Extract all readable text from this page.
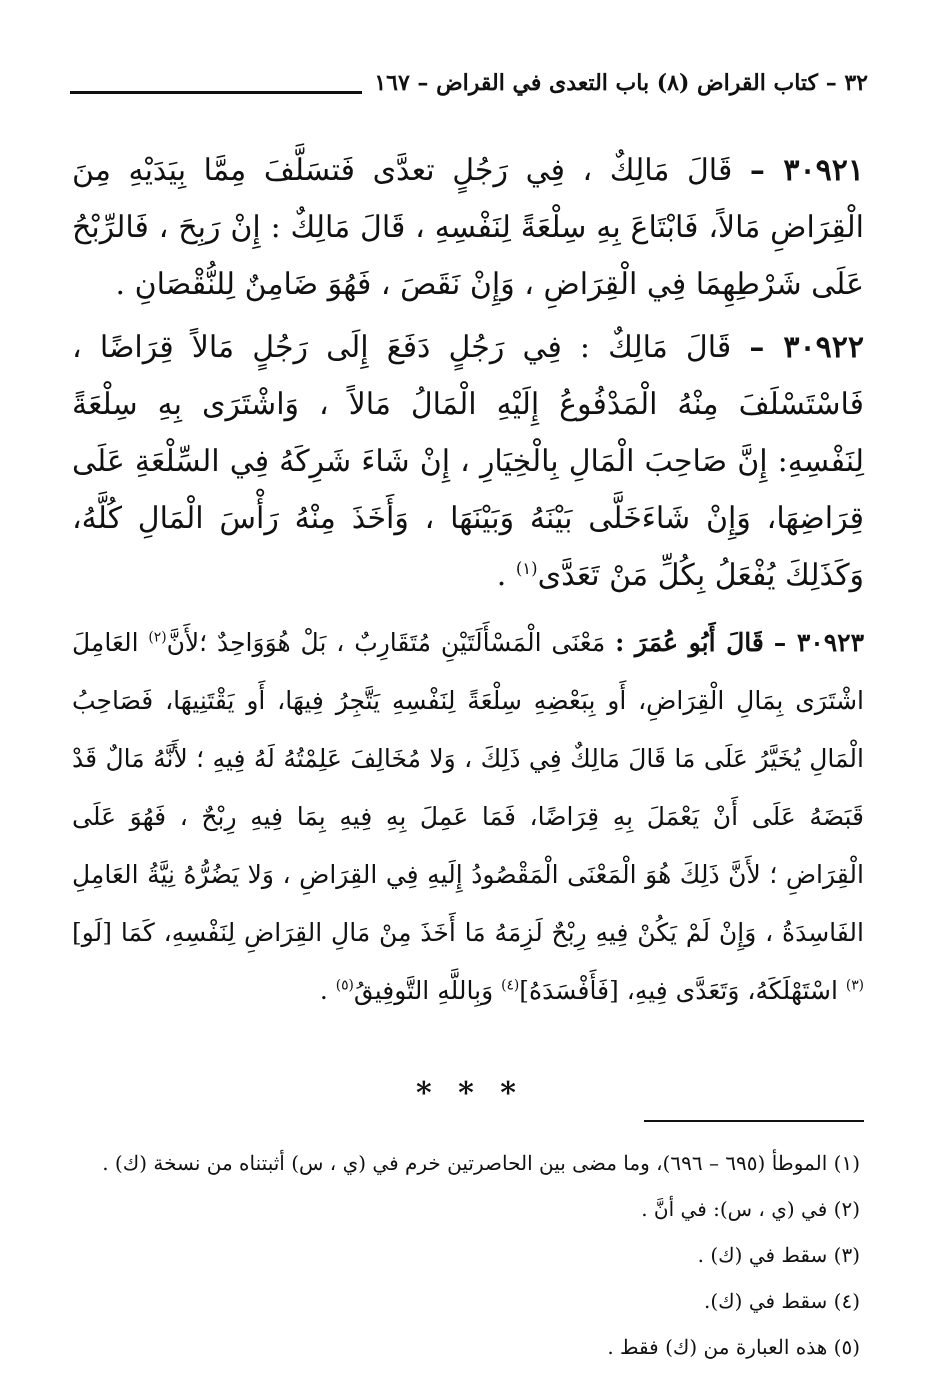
٣٢ – كتاب القراض (٨) باب التعدى في القراض – ١٦٧

٣٠٩٢١ – قَالَ مَالِكٌ ، فِي رَجُلٍ تعدَّى فَتسَلَّفَ مِمَّا بِيَدَيْهِ مِنَ الْقِرَاضِ مَالاً، فَابْتَاعَ بِهِ سِلْعَةً لِنَفْسِهِ ، قَالَ مَالِكٌ : إِنْ رَبِحَ ، فَالرِّبْحُ عَلَى شَرْطِهِمَا فِي الْقِرَاضِ ، وَإِنْ نَقَصَ ، فَهُوَ ضَامِنٌ لِلنُّقْصَانِ .

٣٠٩٢٢ – قَالَ مَالِكٌ : فِي رَجُلٍ دَفَعَ إِلَى رَجُلٍ مَالاً قِرَاضًا ، فَاسْتَسْلَفَ مِنْهُ الْمَدْفُوعُ إِلَيْهِ الْمَالُ مَالاً ، وَاشْتَرَى بِهِ سِلْعَةً لِنَفْسِهِ: إِنَّ صَاحِبَ الْمَالِ بِالْخِيَارِ ، إِنْ شَاءَ شَرِكَهُ فِي السِّلْعَةِ عَلَى قِرَاضِهَا، وَإِنْ شَاءَخَلَّى بَيْنَهُ وَبَيْنَهَا ، وَأَخَذَ مِنْهُ رَأْسَ الْمَالِ كُلَّهُ، وَكَذَلِكَ يُفْعَلُ بِكُلِّ مَنْ تَعَدَّى$^{(١)}$ .

٣٠٩٢٣ – قَالَ أَبُو عُمَرَ : مَعْنَى الْمَسْأَلَتَيْنِ مُتَقَارِبٌ ، بَلْ هُوَوَاحِدٌ ؛لأَنَّ$^{(٢)}$ العَامِلَ اشْتَرَى بِمَالِ الْقِرَاضِ، أَو بِبَعْضِهِ سِلْعَةً لِنَفْسِهِ يَتَّجِرُ فِيهَا، أَو يَقْتَنِيهَا، فَصَاحِبُ الْمَالِ يُخَيَّرُ عَلَى مَا قَالَ مَالِكٌ فِي ذَلِكَ ، وَلا مُخَالِفَ عَلِمْتُهُ لَهُ فِيهِ ؛ لأَنَّهُ مَالٌ قَدْ قَبَضَهُ عَلَى أَنْ يَعْمَلَ بِهِ قِرَاضًا، فَمَا عَمِلَ بِهِ فِيهِ بِمَا فِيهِ رِبْحٌ ، فَهُوَ عَلَى الْقِرَاضِ ؛ لأَنَّ ذَلِكَ هُوَ الْمَعْنَى الْمَقْصُودُ إِلَيهِ فِي القِرَاضِ ، وَلا يَضُرُّهُ نِيَّةُ العَامِلِ الفَاسِدَةُ ، وَإِنْ لَمْ يَكُنْ فِيهِ رِبْحٌ لَزِمَهُ مَا أَخَذَ مِنْ مَالِ القِرَاضِ لِنَفْسِهِ، كَمَا [لَو]$^{(٣)}$ اسْتَهْلَكَهُ، وَتَعَدَّى فِيهِ، [فَأَفْسَدَهُ]$^{(٤)}$ وَبِاللَّهِ التَّوفِيقُ$^{(٥)}$ .

* * *

(١) الموطأ (٦٩٥ – ٦٩٦)، وما مضى بين الحاصرتين خرم في (ي ، س) أثبتناه من نسخة (ك) .

(٢) في (ي ، س): في أنَّ .

(٣) سقط في (ك) .

(٤) سقط في (ك).

(٥) هذه العبارة من (ك) فقط .
